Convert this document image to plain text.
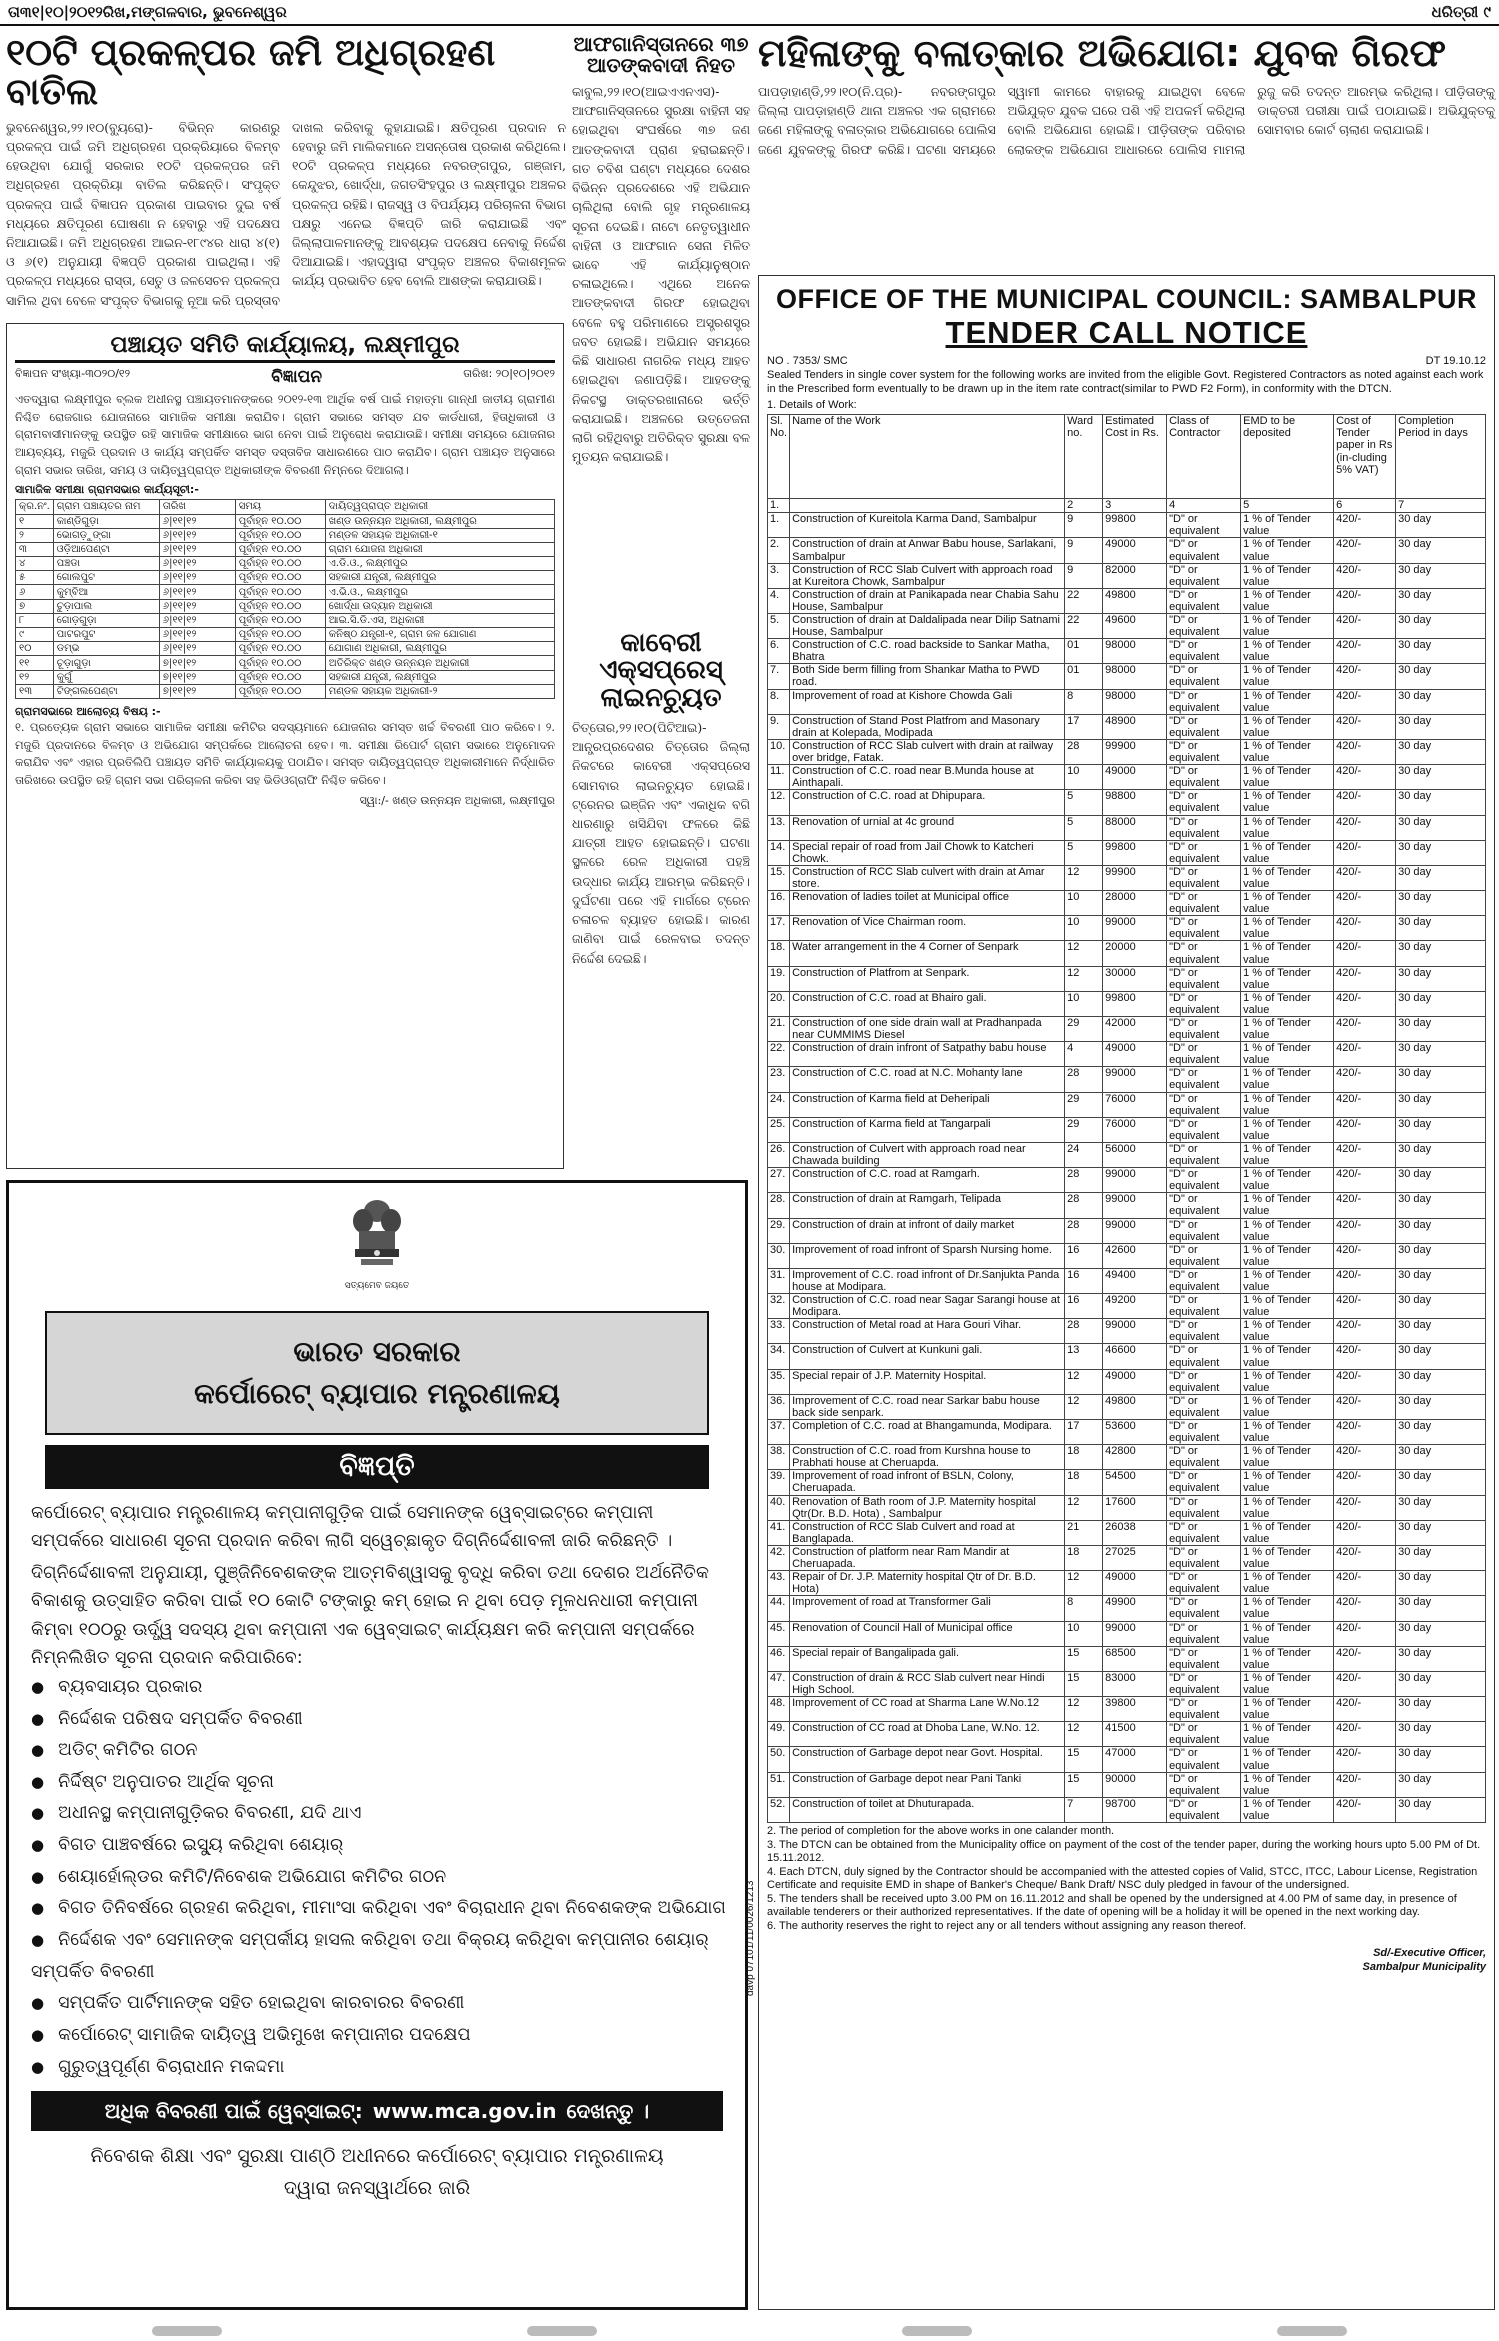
ତା୩୧|୧୦|୨୦୧୨ରିଖ,ମଙ୍ଗଳବାର, ଭୁବନେଶ୍ୱର	ଧରିତ୍ରୀ ୯
୧୦ଟି ପ୍ରକଳ୍ପର ଜମି ଅଧିଗ୍ରହଣ ବାତିଲ
ଭୁବନେଶ୍ୱର,୨୨।୧୦(ବ୍ୟୁରୋ)- ବିଭିନ୍ନ କାରଣରୁ ପ୍ରକଳ୍ପ ପାଇଁ ଜମି ଅଧିଗ୍ରହଣ ପ୍ରକ୍ରିୟାରେ ବିଳମ୍ବ ହେଉଥିବା ଯୋଗୁଁ ସରକାର ୧୦ଟି ପ୍ରକଳ୍ପର ଜମି ଅଧିଗ୍ରହଣ ପ୍ରକ୍ରିୟା ବାତିଲ କରିଛନ୍ତି। ସଂପୃକ୍ତ ପ୍ରକଳ୍ପ ପାଇଁ ବିଜ୍ଞାପନ ପ୍ରକାଶ ପାଇବାର ଦୁଇ ବର୍ଷ ମଧ୍ୟରେ କ୍ଷତିପୂରଣ ଘୋଷଣା ନ ହେବାରୁ ଏହି ପଦକ୍ଷେପ ନିଆଯାଇଛି। ଜମି ଅଧିଗ୍ରହଣ ଆଇନ-୧୮୯୪ର ଧାରା ୪(୧) ଓ ୬(୧) ଅନୁଯାୟୀ ବିଜ୍ଞପ୍ତି ପ୍ରକାଶ ପାଇଥିଲା। ଏହି ପ୍ରକଳ୍ପ ମଧ୍ୟରେ ରାସ୍ତା, ସେତୁ ଓ ଜଳସେଚନ ପ୍ରକଳ୍ପ ସାମିଲ ଥିବା ବେଳେ ସଂପୃକ୍ତ ବିଭାଗକୁ ନୂଆ କରି ପ୍ରସ୍ତାବ ଦାଖଲ କରିବାକୁ କୁହାଯାଇଛି। କ୍ଷତିପୂରଣ ପ୍ରଦାନ ନ ହେବାରୁ ଜମି ମାଲିକମାନେ ଅସନ୍ତୋଷ ପ୍ରକାଶ କରିଥିଲେ। ୧୦ଟି ପ୍ରକଳ୍ପ ମଧ୍ୟରେ ନବରଙ୍ଗପୁର, ଗଞ୍ଜାମ, କେନ୍ଦୁଝର, ଖୋର୍ଦ୍ଧା, ଜଗତସିଂହପୁର ଓ ଲକ୍ଷ୍ମୀପୁର ଅଞ୍ଚଳର ପ୍ରକଳ୍ପ ରହିଛି। ରାଜସ୍ୱ ଓ ବିପର୍ଯ୍ୟୟ ପରିଚାଳନା ବିଭାଗ ପକ୍ଷରୁ ଏନେଇ ବିଜ୍ଞପ୍ତି ଜାରି କରାଯାଇଛି ଏବଂ ଜିଲ୍ଲାପାଳମାନଙ୍କୁ ଆବଶ୍ୟକ ପଦକ୍ଷେପ ନେବାକୁ ନିର୍ଦ୍ଦେଶ ଦିଆଯାଇଛି। ଏହାଦ୍ୱାରା ସଂପୃକ୍ତ ଅଞ୍ଚଳର ବିକାଶମୂଳକ କାର୍ଯ୍ୟ ପ୍ରଭାବିତ ହେବ ବୋଲି ଆଶଙ୍କା କରାଯାଉଛି।
ଆଫଗାନିସ୍ତାନରେ ୩୭ ଆତଙ୍କବାଦୀ ନିହତ
କାବୁଲ,୨୨।୧୦(ଆଇଏଏନଏସ)- ଆଫଗାନିସ୍ତାନରେ ସୁରକ୍ଷା ବାହିନୀ ସହ ହୋଇଥିବା ସଂଘର୍ଷରେ ୩୭ ଜଣ ଆତଙ୍କବାଦୀ ପ୍ରାଣ ହରାଇଛନ୍ତି। ଗତ ଚବିଶ ଘଣ୍ଟା ମଧ୍ୟରେ ଦେଶର ବିଭିନ୍ନ ପ୍ରଦେଶରେ ଏହି ଅଭିଯାନ ଚାଲିଥିଲା ବୋଲି ଗୃହ ମନ୍ତ୍ରଣାଳୟ ସୂଚନା ଦେଇଛି। ନାଟୋ ନେତୃତ୍ୱାଧୀନ ବାହିନୀ ଓ ଆଫଗାନ ସେନା ମିଳିତ ଭାବେ ଏହି କାର୍ଯ୍ୟାନୁଷ୍ଠାନ ଚଳାଇଥିଲେ। ଏଥିରେ ଅନେକ ଆତଙ୍କବାଦୀ ଗିରଫ ହୋଇଥିବା ବେଳେ ବହୁ ପରିମାଣରେ ଅସ୍ତ୍ରଶସ୍ତ୍ର ଜବତ ହୋଇଛି। ଅଭିଯାନ ସମୟରେ କିଛି ସାଧାରଣ ନାଗରିକ ମଧ୍ୟ ଆହତ ହୋଇଥିବା ଜଣାପଡ଼ିଛି। ଆହତଙ୍କୁ ନିକଟସ୍ଥ ଡାକ୍ତରଖାନାରେ ଭର୍ତ୍ତି କରାଯାଇଛି। ଅଞ୍ଚଳରେ ଉତ୍ତେଜନା ଲାଗି ରହିଥିବାରୁ ଅତିରିକ୍ତ ସୁରକ୍ଷା ବଳ ମୁତୟନ କରାଯାଇଛି।
କାବେରୀ ଏକ୍ସପ୍ରେସ୍ ଲାଇନଚ୍ୟୁତ
ଚିତ୍ତୋର,୨୨।୧୦(ପିଟିଆଇ)- ଆନ୍ଧ୍ରପ୍ରଦେଶର ଚିତ୍ତୋର ଜିଲ୍ଲା ନିକଟରେ କାବେରୀ ଏକ୍ସପ୍ରେସ ସୋମବାର ଲାଇନଚ୍ୟୁତ ହୋଇଛି। ଟ୍ରେନର ଇଞ୍ଜିନ ଏବଂ ଏକାଧିକ ବଗି ଧାରଣାରୁ ଖସିଯିବା ଫଳରେ କିଛି ଯାତ୍ରୀ ଆହତ ହୋଇଛନ୍ତି। ଘଟଣା ସ୍ଥଳରେ ରେଳ ଅଧିକାରୀ ପହଞ୍ଚି ଉଦ୍ଧାର କାର୍ଯ୍ୟ ଆରମ୍ଭ କରିଛନ୍ତି। ଦୁର୍ଘଟଣା ପରେ ଏହି ମାର୍ଗରେ ଟ୍ରେନ ଚଳାଚଳ ବ୍ୟାହତ ହୋଇଛି। କାରଣ ଜାଣିବା ପାଇଁ ରେଳବାଇ ତଦନ୍ତ ନିର୍ଦ୍ଦେଶ ଦେଇଛି।
ମହିଳାଙ୍କୁ ବଳାତ୍କାର ଅଭିଯୋଗ: ଯୁବକ ଗିରଫ
ପାପଡ଼ାହାଣ୍ଡି,୨୨।୧୦(ନି.ପ୍ର)- ନବରଙ୍ଗପୁର ଜିଲ୍ଲା ପାପଡ଼ାହାଣ୍ଡି ଥାନା ଅଞ୍ଚଳର ଏକ ଗ୍ରାମରେ ଜଣେ ମହିଳାଙ୍କୁ ବଳାତ୍କାର ଅଭିଯୋଗରେ ପୋଲିସ ଜଣେ ଯୁବକଙ୍କୁ ଗିରଫ କରିଛି। ଘଟଣା ସମୟରେ ସ୍ୱାମୀ କାମରେ ବାହାରକୁ ଯାଇଥିବା ବେଳେ ଅଭିଯୁକ୍ତ ଯୁବକ ଘରେ ପଶି ଏହି ଅପକର୍ମ କରିଥିଲା ବୋଲି ଅଭିଯୋଗ ହୋଇଛି। ପୀଡ଼ିତାଙ୍କ ପରିବାର ଲୋକଙ୍କ ଅଭିଯୋଗ ଆଧାରରେ ପୋଲିସ ମାମଲା ରୁଜୁ କରି ତଦନ୍ତ ଆରମ୍ଭ କରିଥିଲା। ପୀଡ଼ିତାଙ୍କୁ ଡାକ୍ତରୀ ପରୀକ୍ଷା ପାଇଁ ପଠାଯାଇଛି। ଅଭିଯୁକ୍ତକୁ ସୋମବାର କୋର୍ଟ ଚାଲାଣ କରାଯାଇଛି।
OFFICE OF THE MUNICIPAL COUNCIL: SAMBALPUR
TENDER CALL NOTICE
NO . 7353/ SMC	DT 19.10.12
Sealed Tenders in single cover system for the following works are invited from the eligible Govt. Registered Contractors as noted against each work in the Prescribed form eventually to be drawn up in the item rate contract(similar to PWD F2 Form), in conformity with the DTCN.
1. Details of Work:
Sl. No.	Name of the Work	Ward no.	Estimated Cost in Rs.	Class of Contractor	EMD to be deposited	Cost of Tender paper in Rs (in-cluding 5% VAT)	Completion Period in days
1.		2	3	4	5	6	7
1.	Construction of Kureitola Karma Dand, Sambalpur	9	99800	"D" or equivalent	1 % of Tender value	420/-	30 day
2.	Construction of drain at Anwar Babu house, Sarlakani, Sambalpur	9	49000	"D" or equivalent	1 % of Tender value	420/-	30 day
3.	Construction of RCC Slab Culvert with approach road at Kureitora Chowk, Sambalpur	9	82000	"D" or equivalent	1 % of Tender value	420/-	30 day
4.	Construction of drain at Panikapada near Chabia Sahu House, Sambalpur	22	49800	"D" or equivalent	1 % of Tender value	420/-	30 day
5.	Construction of drain at Daldalipada near Dilip Satnami House, Sambalpur	22	49600	"D" or equivalent	1 % of Tender value	420/-	30 day
6.	Construction of C.C. road backside to Sankar Matha, Bhatra	01	98000	"D" or equivalent	1 % of Tender value	420/-	30 day
7.	Both Side berm filling from Shankar Matha to PWD road.	01	98000	"D" or equivalent	1 % of Tender value	420/-	30 day
8.	Improvement of road at Kishore Chowda Gali	8	98000	"D" or equivalent	1 % of Tender value	420/-	30 day
9.	Construction of Stand Post Platfrom and Masonary drain at Kolepada, Modipada	17	48900	"D" or equivalent	1 % of Tender value	420/-	30 day
10.	Construction of RCC Slab culvert with drain at railway over bridge, Fatak.	28	99900	"D" or equivalent	1 % of Tender value	420/-	30 day
11.	Construction of C.C. road near B.Munda house at Ainthapali.	10	49000	"D" or equivalent	1 % of Tender value	420/-	30 day
12.	Construction of C.C. road at Dhipupara.	5	98800	"D" or equivalent	1 % of Tender value	420/-	30 day
13.	Renovation of urnial at 4c ground	5	88000	"D" or equivalent	1 % of Tender value	420/-	30 day
14.	Special repair of road from Jail Chowk to Katcheri Chowk.	5	99800	"D" or equivalent	1 % of Tender value	420/-	30 day
15.	Construction of RCC Slab culvert with drain at Amar store.	12	99900	"D" or equivalent	1 % of Tender value	420/-	30 day
16.	Renovation of ladies toilet at Municipal office	10	28000	"D" or equivalent	1 % of Tender value	420/-	30 day
17.	Renovation of Vice Chairman room.	10	99000	"D" or equivalent	1 % of Tender value	420/-	30 day
18.	Water arrangement in the 4 Corner of Senpark	12	20000	"D" or equivalent	1 % of Tender value	420/-	30 day
19.	Construction of Platfrom at Senpark.	12	30000	"D" or equivalent	1 % of Tender value	420/-	30 day
20.	Construction of C.C. road at Bhairo gali.	10	99800	"D" or equivalent	1 % of Tender value	420/-	30 day
21.	Construction of one side drain wall at Pradhanpada near CUMMIMS Diesel	29	42000	"D" or equivalent	1 % of Tender value	420/-	30 day
22.	Construction of drain infront of Satpathy babu house	4	49000	"D" or equivalent	1 % of Tender value	420/-	30 day
23.	Construction of C.C. road at N.C. Mohanty lane	28	99000	"D" or equivalent	1 % of Tender value	420/-	30 day
24.	Construction of Karma field at Deheripali	29	76000	"D" or equivalent	1 % of Tender value	420/-	30 day
25.	Construction of Karma field at Tangarpali	29	76000	"D" or equivalent	1 % of Tender value	420/-	30 day
26.	Construction of Culvert with approach road near Chawada building	24	56000	"D" or equivalent	1 % of Tender value	420/-	30 day
27.	Construction of C.C. road at Ramgarh.	28	99000	"D" or equivalent	1 % of Tender value	420/-	30 day
28.	Construction of drain at Ramgarh, Telipada	28	99000	"D" or equivalent	1 % of Tender value	420/-	30 day
29.	Construction of drain at infront of daily market	28	99000	"D" or equivalent	1 % of Tender value	420/-	30 day
30.	Improvement of road infront of Sparsh Nursing home.	16	42600	"D" or equivalent	1 % of Tender value	420/-	30 day
31.	Improvement of C.C. road infront of Dr.Sanjukta Panda house at Modipara.	16	49400	"D" or equivalent	1 % of Tender value	420/-	30 day
32.	Construction of C.C. road near Sagar Sarangi house at Modipara.	16	49200	"D" or equivalent	1 % of Tender value	420/-	30 day
33.	Construction of Metal road at Hara Gouri Vihar.	28	99000	"D" or equivalent	1 % of Tender value	420/-	30 day
34.	Construction of Culvert at Kunkuni gali.	13	46600	"D" or equivalent	1 % of Tender value	420/-	30 day
35.	Special repair of J.P. Maternity Hospital.	12	49000	"D" or equivalent	1 % of Tender value	420/-	30 day
36.	Improvement of C.C. road near Sarkar babu house back side senpark.	12	49800	"D" or equivalent	1 % of Tender value	420/-	30 day
37.	Completion of C.C. road at Bhangamunda, Modipara.	17	53600	"D" or equivalent	1 % of Tender value	420/-	30 day
38.	Construction of C.C. road from Kurshna house to Prabhati house at Cheruapda.	18	42800	"D" or equivalent	1 % of Tender value	420/-	30 day
39.	Improvement of road infront of BSLN, Colony, Cheruapada.	18	54500	"D" or equivalent	1 % of Tender value	420/-	30 day
40.	Renovation of Bath room of J.P. Maternity hospital Qtr(Dr. B.D. Hota) , Sambalpur	12	17600	"D" or equivalent	1 % of Tender value	420/-	30 day
41.	Construction of RCC Slab Culvert and road at Banglapada.	21	26038	"D" or equivalent	1 % of Tender value	420/-	30 day
42.	Construction of platform near Ram Mandir at Cheruapada.	18	27025	"D" or equivalent	1 % of Tender value	420/-	30 day
43.	Repair of Dr. J.P. Maternity hospital Qtr of Dr. B.D. Hota)	12	49000	"D" or equivalent	1 % of Tender value	420/-	30 day
44.	Improvement of road at Transformer Gali	8	49900	"D" or equivalent	1 % of Tender value	420/-	30 day
45.	Renovation of Council Hall of Municipal office	10	99000	"D" or equivalent	1 % of Tender value	420/-	30 day
46.	Special repair of Bangalipada gali.	15	68500	"D" or equivalent	1 % of Tender value	420/-	30 day
47.	Construction of drain & RCC Slab culvert near Hindi High School.	15	83000	"D" or equivalent	1 % of Tender value	420/-	30 day
48.	Improvement of CC road at Sharma Lane W.No.12	12	39800	"D" or equivalent	1 % of Tender value	420/-	30 day
49.	Construction of CC road at Dhoba Lane, W.No. 12.	12	41500	"D" or equivalent	1 % of Tender value	420/-	30 day
50.	Construction of Garbage depot near Govt. Hospital.	15	47000	"D" or equivalent	1 % of Tender value	420/-	30 day
51.	Construction of Garbage depot near Pani Tanki	15	90000	"D" or equivalent	1 % of Tender value	420/-	30 day
52.	Construction of toilet at Dhuturapada.	7	98700	"D" or equivalent	1 % of Tender value	420/-	30 day

2. The period of completion for the above works in one calander month.

3. The DTCN can be obtained from the Municipality office on payment of the cost of the tender paper, during the working hours upto 5.00 PM of Dt. 15.11.2012.

4. Each DTCN, duly signed by the Contractor should be accompanied with the attested copies of Valid, STCC, ITCC, Labour License, Registration Certificate and requisite EMD in shape of Banker's Cheque/ Bank Draft/ NSC duly pledged in favour of the undersigned.

5. The tenders shall be received upto 3.00 PM on 16.11.2012 and shall be opened by the undersigned at 4.00 PM of same day, in presence of available tenderers or their authorized representatives. If the date of opening will be a holiday it will be opened in the next working day.

6. The authority reserves the right to reject any or all tenders without assigning any reason thereof.

Sd/-Executive Officer,
Sambalpur Municipality
davp 07101/11/0026/1213
ପଞ୍ଚାୟତ ସମିତି କାର୍ଯ୍ୟାଳୟ, ଲକ୍ଷ୍ମୀପୁର
ବିଜ୍ଞାପନ ସଂଖ୍ୟା-୩୦୨୦/୧୨	ବିଜ୍ଞାପନ	ତାରିଖ: ୨୦|୧୦|୨୦୧୨
ଏତଦ୍ୱାରା ଲକ୍ଷ୍ମୀପୁର ବ୍ଲକ ଅଧୀନସ୍ଥ ପଞ୍ଚାୟତମାନଙ୍କରେ ୨୦୧୨-୧୩ ଆର୍ଥିକ ବର୍ଷ ପାଇଁ ମହାତ୍ମା ଗାନ୍ଧୀ ଜାତୀୟ ଗ୍ରାମୀଣ ନିଶ୍ଚିତ ରୋଜଗାର ଯୋଜନାରେ ସାମାଜିକ ସମୀକ୍ଷା କରାଯିବ। ଗ୍ରାମ ସଭାରେ ସମସ୍ତ ଯବ କାର୍ଡଧାରୀ, ହିତାଧିକାରୀ ଓ ଗ୍ରାମବାସୀମାନଙ୍କୁ ଉପସ୍ଥିତ ରହି ସାମାଜିକ ସମୀକ୍ଷାରେ ଭାଗ ନେବା ପାଇଁ ଅନୁରୋଧ କରାଯାଉଛି। ସମୀକ୍ଷା ସମୟରେ ଯୋଜନାର ଆୟବ୍ୟୟ, ମଜୁରି ପ୍ରଦାନ ଓ କାର୍ଯ୍ୟ ସମ୍ପର୍କିତ ସମସ୍ତ ଦସ୍ତାବିଜ ସାଧାରଣରେ ପାଠ କରାଯିବ। ଗ୍ରାମ ପଞ୍ଚାୟତ ଅନୁସାରେ ଗ୍ରାମ ସଭାର ତାରିଖ, ସମୟ ଓ ଦାୟିତ୍ୱପ୍ରାପ୍ତ ଅଧିକାରୀଙ୍କ ବିବରଣୀ ନିମ୍ନରେ ଦିଆଗଲା।
ସାମାଜିକ ସମୀକ୍ଷା ଗ୍ରାମସଭାର କାର୍ଯ୍ୟସୂଚୀ:-
କ୍ର.ନଂ.	ଗ୍ରାମ ପଞ୍ଚାୟତର ନାମ	ତାରିଖ	ସମୟ	ଦାୟିତ୍ୱପ୍ରାପ୍ତ ଅଧିକାରୀ
୧	କାଣ୍ଡିଗୁଡ଼ା	୬|୧୧|୧୨	ପୂର୍ବାହ୍ନ ୧୦.୦୦	ଖଣ୍ଡ ଉନ୍ନୟନ ଅଧିକାରୀ, ଲକ୍ଷ୍ମୀପୁର
୨	ଭୋଗଡ଼ୁଙ୍ଗା	୬|୧୧|୧୨	ପୂର୍ବାହ୍ନ ୧୦.୦୦	ମଣ୍ଡଳ ସହାୟକ ଅଧିକାରୀ-୧
୩	ଓଡ଼ିଆପେଣ୍ଟା	୬|୧୧|୧୨	ପୂର୍ବାହ୍ନ ୧୦.୦୦	ଗ୍ରାମ ଯୋଜନା ଅଧିକାରୀ
୪	ପଞ୍ଚଡା	୬|୧୧|୧୨	ପୂର୍ବାହ୍ନ ୧୦.୦୦	ଏ.ଡି.ଓ., ଲକ୍ଷ୍ମୀପୁର
୫	ଗୋଲପୁଟ	୬|୧୧|୧୨	ପୂର୍ବାହ୍ନ ୧୦.୦୦	ସହକାରୀ ଯନ୍ତ୍ରୀ, ଲକ୍ଷ୍ମୀପୁର
୬	କୁମ୍ବିଆ	୬|୧୧|୧୨	ପୂର୍ବାହ୍ନ ୧୦.୦୦	ଏ.ଭି.ଓ., ଲକ୍ଷ୍ମୀପୁର
୭	ଚୁଡ଼ାପାଲ	୬|୧୧|୧୨	ପୂର୍ବାହ୍ନ ୧୦.୦୦	ଖୋର୍ଦ୍ଧା ଉଦ୍ୟାନ ଅଧିକାରୀ
୮	ଗୋଡ଼ଗୁଡ଼ା	୬|୧୧|୧୨	ପୂର୍ବାହ୍ନ ୧୦.୦୦	ଆଇ.ସି.ଡି.ଏସ, ଅଧିକାରୀ
୯	ପାଟରପୁଟ	୬|୧୧|୧୨	ପୂର୍ବାହ୍ନ ୧୦.୦୦	କନିଷ୍ଠ ଯନ୍ତ୍ରୀ-୧, ଗ୍ରାମ ଜଳ ଯୋଗାଣ
୧୦	ଡମ୍ଭ	୬|୧୧|୧୨	ପୂର୍ବାହ୍ନ ୧୦.୦୦	ଯୋଗାଣ ଅଧିକାରୀ, ଲକ୍ଷ୍ମୀପୁର
୧୧	ଚୂଡ଼ାଗୁଡ଼ା	୭|୧୧|୧୨	ପୂର୍ବାହ୍ନ ୧୦.୦୦	ଅତିରିକ୍ତ ଖଣ୍ଡ ଉନ୍ନୟନ ଅଧିକାରୀ
୧୨	କୁର୍ଗୁ	୭|୧୧|୧୨	ପୂର୍ବାହ୍ନ ୧୦.୦୦	ସହକାରୀ ଯନ୍ତ୍ରୀ, ଲକ୍ଷ୍ମୀପୁର
୧୩	ଟିଙ୍ଗଲପେଣ୍ଟା	୭|୧୧|୧୨	ପୂର୍ବାହ୍ନ ୧୦.୦୦	ମଣ୍ଡଳ ସହାୟକ ଅଧିକାରୀ-୨
ଗ୍ରାମସଭାରେ ଆଲୋଚ୍ୟ ବିଷୟ :-
୧. ପ୍ରତ୍ୟେକ ଗ୍ରାମ ସଭାରେ ସାମାଜିକ ସମୀକ୍ଷା କମିଟିର ସଦସ୍ୟମାନେ ଯୋଜନାର ସମସ୍ତ ଖର୍ଚ୍ଚ ବିବରଣୀ ପାଠ କରିବେ। ୨. ମଜୁରି ପ୍ରଦାନରେ ବିଳମ୍ବ ଓ ଅଭିଯୋଗ ସମ୍ପର୍କରେ ଆଲୋଚନା ହେବ। ୩. ସମୀକ୍ଷା ରିପୋର୍ଟ ଗ୍ରାମ ସଭାରେ ଅନୁମୋଦନ କରାଯିବ ଏବଂ ଏହାର ପ୍ରତିଲିପି ପଞ୍ଚାୟତ ସମିତି କାର୍ଯ୍ୟାଳୟକୁ ପଠାଯିବ। ସମସ୍ତ ଦାୟିତ୍ୱପ୍ରାପ୍ତ ଅଧିକାରୀମାନେ ନିର୍ଦ୍ଧାରିତ ତାରିଖରେ ଉପସ୍ଥିତ ରହି ଗ୍ରାମ ସଭା ପରିଚାଳନା କରିବା ସହ ଭିଡିଓଗ୍ରାଫି ନିଶ୍ଚିତ କରିବେ।
ସ୍ୱା:/- ଖଣ୍ଡ ଉନ୍ନୟନ ଅଧିକାରୀ, ଲକ୍ଷ୍ମୀପୁର
ସତ୍ୟମେବ ଜୟତେ
ଭାରତ ସରକାର
କର୍ପୋରେଟ୍ ବ୍ୟାପାର ମନ୍ତ୍ରଣାଳୟ
ବିଜ୍ଞପ୍ତି
କର୍ପୋରେଟ୍ ବ୍ୟାପାର ମନ୍ତ୍ରଣାଳୟ କମ୍ପାନୀଗୁଡ଼ିକ ପାଇଁ ସେମାନଙ୍କ ୱେବ୍ସାଇଟ୍ରେ କମ୍ପାନୀ ସମ୍ପର୍କରେ ସାଧାରଣ ସୂଚନା ପ୍ରଦାନ କରିବା ଲାଗି ସ୍ୱେଚ୍ଛାକୃତ ଦିଗ୍ନିର୍ଦ୍ଦେଶାବଳୀ ଜାରି କରିଛନ୍ତି ।
ଦିଗ୍ନିର୍ଦ୍ଦେଶାବଳୀ ଅନୁଯାୟୀ, ପୁଞ୍ଜିନିବେଶକଙ୍କ ଆତ୍ମବିଶ୍ୱାସକୁ ବୃଦ୍ଧି କରିବା ତଥା ଦେଶର ଅର୍ଥନୈତିକ ବିକାଶକୁ ଉତ୍ସାହିତ କରିବା ପାଇଁ ୧୦ କୋଟି ଟଙ୍କାରୁ କମ୍ ହୋଇ ନ ଥିବା ପେଡ଼ ମୂଳଧନଧାରୀ କମ୍ପାନୀ କିମ୍ବା ୧୦୦ରୁ ଊର୍ଦ୍ଧ୍ୱ ସଦସ୍ୟ ଥିବା କମ୍ପାନୀ ଏକ ୱେବ୍ସାଇଟ୍ କାର୍ଯ୍ୟକ୍ଷମ କରି କମ୍ପାନୀ ସମ୍ପର୍କରେ ନିମ୍ନଲିଖିତ ସୂଚନା ପ୍ରଦାନ କରିପାରିବେ:
● ବ୍ୟବସାୟର ପ୍ରକାର
● ନିର୍ଦ୍ଦେଶକ ପରିଷଦ ସମ୍ପର୍କିତ ବିବରଣୀ
● ଅଡିଟ୍ କମିଟିର ଗଠନ
● ନିର୍ଦ୍ଦିଷ୍ଟ ଅନୁପାତର ଆର୍ଥିକ ସୂଚନା
● ଅଧୀନସ୍ଥ କମ୍ପାନୀଗୁଡ଼ିକର ବିବରଣୀ, ଯଦି ଥାଏ
● ବିଗତ ପାଞ୍ଚବର୍ଷରେ ଇସ୍ୟୁ କରିଥିବା ଶେୟାର୍
● ଶେୟାର୍ହୋଲ୍ଡର କମିଟି/ନିବେଶକ ଅଭିଯୋଗ କମିଟିର ଗଠନ
● ବିଗତ ତିନିବର୍ଷରେ ଗ୍ରହଣ କରିଥିବା, ମୀମାଂସା କରିଥିବା ଏବଂ ବିଚାରାଧୀନ ଥିବା ନିବେଶକଙ୍କ ଅଭିଯୋଗ
● ନିର୍ଦ୍ଦେଶକ ଏବଂ ସେମାନଙ୍କ ସମ୍ପର୍କୀୟ ହାସଲ କରିଥିବା ତଥା ବିକ୍ରୟ କରିଥିବା କମ୍ପାନୀର ଶେୟାର୍ ସମ୍ପର୍କିତ ବିବରଣୀ
● ସମ୍ପର୍କିତ ପାର୍ଟିମାନଙ୍କ ସହିତ ହୋଇଥିବା କାରବାରର ବିବରଣୀ
● କର୍ପୋରେଟ୍ ସାମାଜିକ ଦାୟିତ୍ୱ ଅଭିମୁଖେ କମ୍ପାନୀର ପଦକ୍ଷେପ
● ଗୁରୁତ୍ୱପୂର୍ଣ୍ଣ ବିଚାରାଧୀନ ମକଦ୍ଦମା
ଅଧିକ ବିବରଣୀ ପାଇଁ ୱେବ୍ସାଇଟ୍: www.mca.gov.in ଦେଖନ୍ତୁ ।
ନିବେଶକ ଶିକ୍ଷା ଏବଂ ସୁରକ୍ଷା ପାଣ୍ଠି ଅଧୀନରେ କର୍ପୋରେଟ୍ ବ୍ୟାପାର ମନ୍ତ୍ରଣାଳୟ
ଦ୍ୱାରା ଜନସ୍ୱାର୍ଥରେ ଜାରି
